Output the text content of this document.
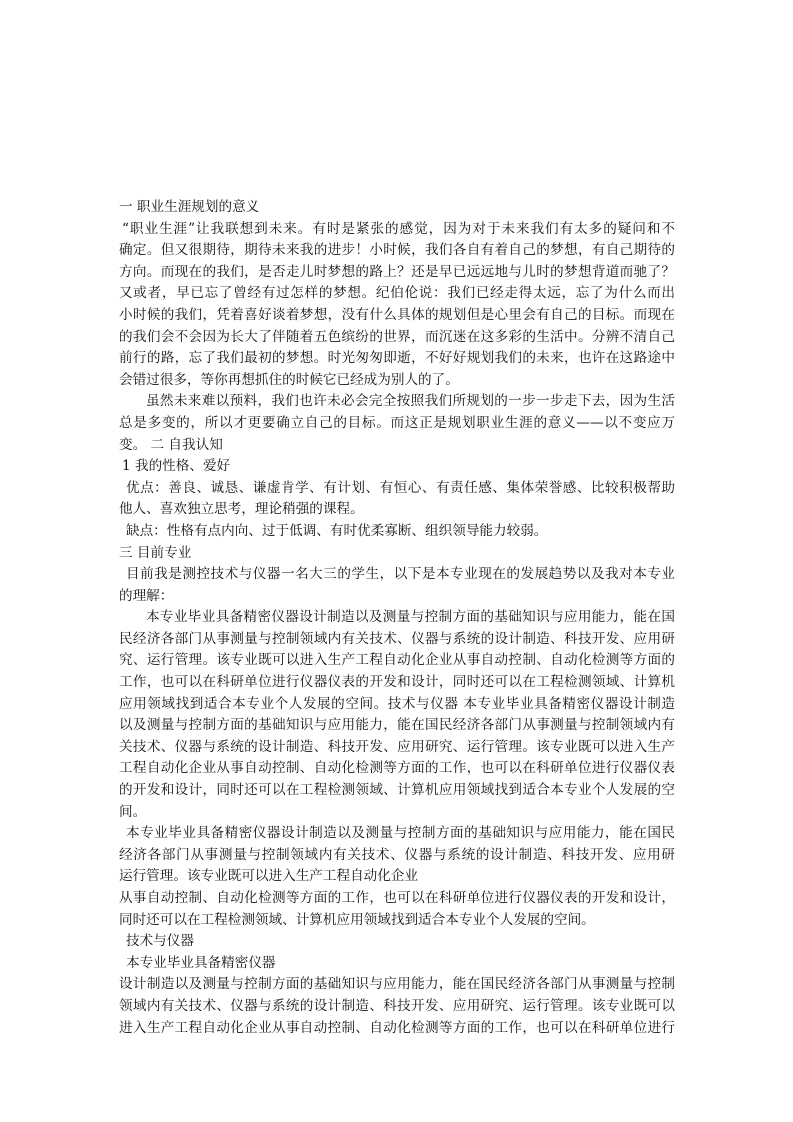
一 职业生涯规划的意义
“职业生涯”让我联想到未来。有时是紧张的感觉，因为对于未来我们有太多的疑问和不
确定。但又很期待，期待未来我的进步！小时候，我们各自有着自己的梦想，有自己期待的
方向。而现在的我们，是否走儿时梦想的路上？还是早已远远地与儿时的梦想背道而驰了？
又或者，早已忘了曾经有过怎样的梦想。纪伯伦说：我们已经走得太远，忘了为什么而出
小时候的我们，凭着喜好谈着梦想，没有什么具体的规划但是心里会有自己的目标。而现在
的我们会不会因为长大了伴随着五色缤纷的世界，而沉迷在这多彩的生活中。分辨不清自己
前行的路，忘了我们最初的梦想。时光匆匆即逝，不好好规划我们的未来，也许在这路途中
会错过很多，等你再想抓住的时候它已经成为别人的了。
虽然未来难以预料，我们也许未必会完全按照我们所规划的一步一步走下去，因为生活
总是多变的，所以才更要确立自己的目标。而这正是规划职业生涯的意义——以不变应万
变。 二 自我认知
1 我的性格、爱好
优点：善良、诚恳、谦虚肯学、有计划、有恒心、有责任感、集体荣誉感、比较积极帮助
他人、喜欢独立思考，理论稍强的课程。
缺点：性格有点内向、过于低调、有时优柔寡断、组织领导能力较弱。
三 目前专业
目前我是测控技术与仪器一名大三的学生，以下是本专业现在的发展趋势以及我对本专业
的理解：
本专业毕业具备精密仪器设计制造以及测量与控制方面的基础知识与应用能力，能在国
民经济各部门从事测量与控制领域内有关技术、仪器与系统的设计制造、科技开发、应用研
究、运行管理。该专业既可以进入生产工程自动化企业从事自动控制、自动化检测等方面的
工作，也可以在科研单位进行仪器仪表的开发和设计，同时还可以在工程检测领域、计算机
应用领域找到适合本专业个人发展的空间。技术与仪器 本专业毕业具备精密仪器设计制造
以及测量与控制方面的基础知识与应用能力，能在国民经济各部门从事测量与控制领域内有
关技术、仪器与系统的设计制造、科技开发、应用研究、运行管理。该专业既可以进入生产
工程自动化企业从事自动控制、自动化检测等方面的工作，也可以在科研单位进行仪器仪表
的开发和设计，同时还可以在工程检测领域、计算机应用领域找到适合本专业个人发展的空
间。
本专业毕业具备精密仪器设计制造以及测量与控制方面的基础知识与应用能力，能在国民
经济各部门从事测量与控制领域内有关技术、仪器与系统的设计制造、科技开发、应用研
运行管理。该专业既可以进入生产工程自动化企业
从事自动控制、自动化检测等方面的工作，也可以在科研单位进行仪器仪表的开发和设计，
同时还可以在工程检测领域、计算机应用领域找到适合本专业个人发展的空间。
技术与仪器
本专业毕业具备精密仪器
设计制造以及测量与控制方面的基础知识与应用能力，能在国民经济各部门从事测量与控制
领域内有关技术、仪器与系统的设计制造、科技开发、应用研究、运行管理。该专业既可以
进入生产工程自动化企业从事自动控制、自动化检测等方面的工作，也可以在科研单位进行
